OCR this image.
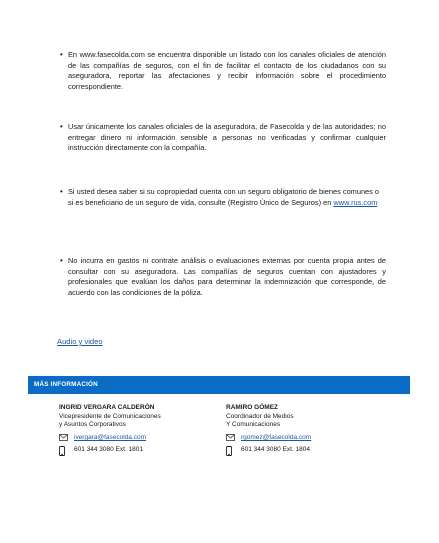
• En www.fasecolda.com se encuentra disponible un listado con los canales oficiales de atención de las compañías de seguros, con el fin de facilitar el contacto de los ciudadanos con su aseguradora, reportar las afectaciones y recibir información sobre el procedimiento correspondiente.

• Usar únicamente los canales oficiales de la aseguradora, de Fasecolda y de las autoridades; no entregar dinero ni información sensible a personas no verificadas y confirmar cualquier instrucción directamente con la compañía.

• Si usted desea saber si su copropiedad cuenta con un seguro obligatorio de bienes comunes o si es beneficiario de un seguro de vida, consulte (Registro Único de Seguros) en www.rus.com

• No incurra en gastos ni contrate análisis o evaluaciones externas por cuenta propia antes de consultar con su aseguradora. Las compañías de seguros cuentan con ajustadores y profesionales que evalúan los daños para determinar la indemnización que corresponde, de acuerdo con las condiciones de la póliza.

Audio y video
MÁS INFORMACIÓN
INGRID VERGARA CALDERÓN
Vicepresidente de Comunicaciones
y Asuntos Corporativos
ivergara@fasecolda.com
601 344 3080 Ext. 1801
RAMIRO GÓMEZ
Coordinador de Medios
Y Comunicaciones
rgomez@fasecolda.com
601 344 3080 Ext. 1804
